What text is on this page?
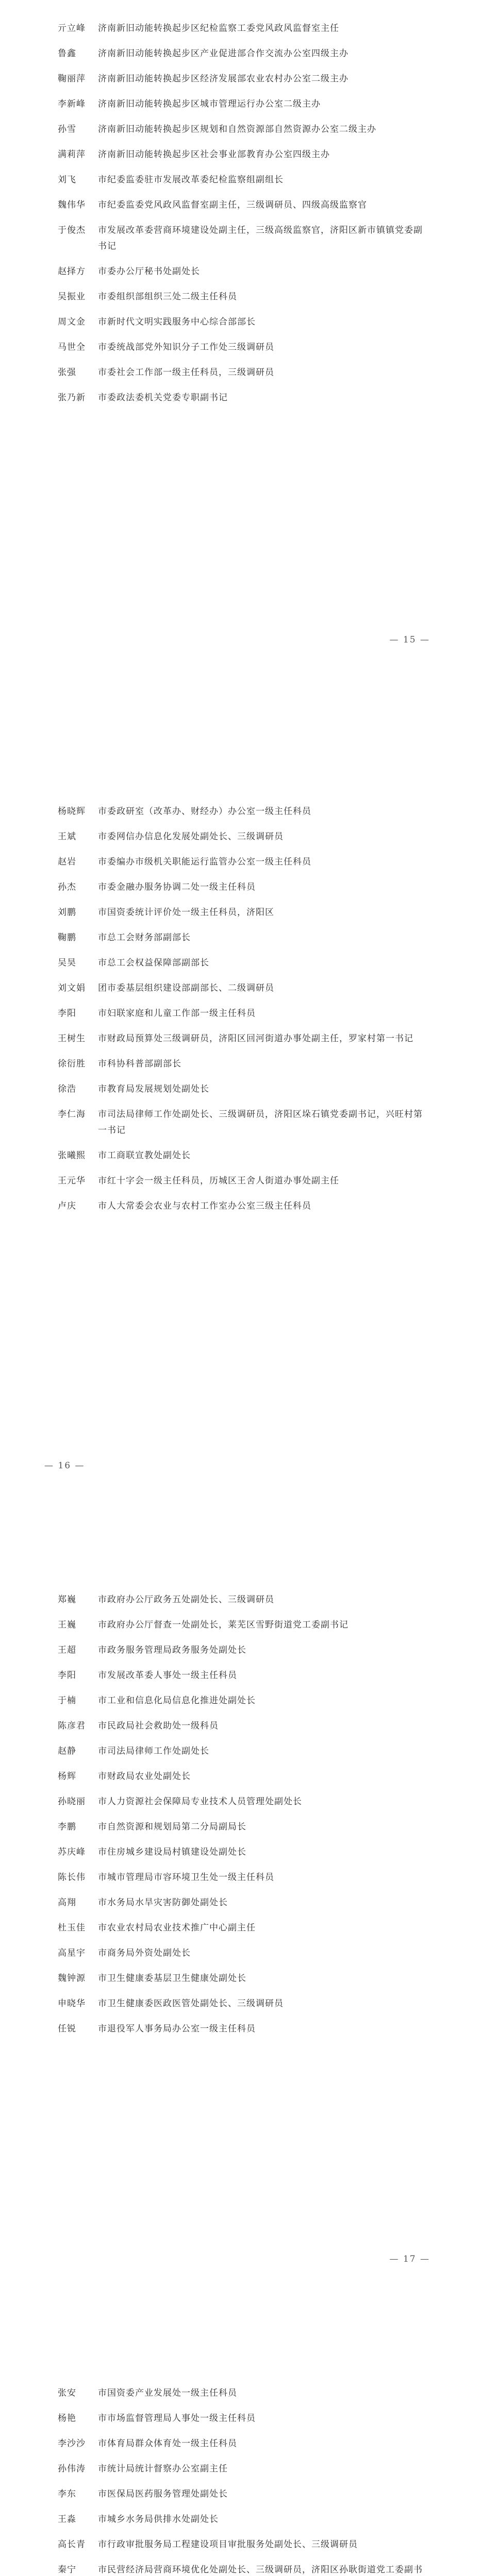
亓立峰	济南新旧动能转换起步区纪检监察工委党风政风监督室主任
鲁鑫	济南新旧动能转换起步区产业促进部合作交流办公室四级主办
鞠丽萍	济南新旧动能转换起步区经济发展部农业农村办公室二级主办
李新峰	济南新旧动能转换起步区城市管理运行办公室二级主办
孙雪	济南新旧动能转换起步区规划和自然资源部自然资源办公室二级主办
满莉萍	济南新旧动能转换起步区社会事业部教育办公室四级主办
刘飞	市纪委监委驻市发展改革委纪检监察组副组长
魏伟华	市纪委监委党风政风监督室副主任，三级调研员、四级高级监察官
于俊杰	市发展改革委营商环境建设处副主任，三级高级监察官，济阳区新市镇镇党委副书记
赵择方	市委办公厅秘书处副处长
吴振业	市委组织部组织三处二级主任科员
周文金	市新时代文明实践服务中心综合部部长
马世全	市委统战部党外知识分子工作处三级调研员
张强	市委社会工作部一级主任科员，三级调研员
张乃新	市委政法委机关党委专职副书记
— 15 —
杨晓辉	市委政研室（改革办、财经办）办公室一级主任科员
王斌	市委网信办信息化发展处副处长、三级调研员
赵岩	市委编办市级机关职能运行监管办公室一级主任科员
孙杰	市委金融办服务协调二处一级主任科员
刘鹏	市国资委统计评价处一级主任科员，济阳区
鞠鹏	市总工会财务部副部长
吴昊	市总工会权益保障部副部长
刘文娟	团市委基层组织建设部副部长、二级调研员
李阳	市妇联家庭和儿童工作部一级主任科员
王树生	市财政局预算处三级调研员，济阳区回河街道办事处副主任，罗家村第一书记
徐衍胜	市科协科普部副部长
徐浩	市教育局发展规划处副处长
李仁海	市司法局律师工作处副处长、三级调研员，济阳区垛石镇党委副书记，兴旺村第一书记
张曦熙	市工商联宣教处副处长
王元华	市红十字会一级主任科员，历城区王舍人街道办事处副主任
卢庆	市人大常委会农业与农村工作室办公室三级主任科员
— 16 —
郑巍	市政府办公厅政务五处副处长、三级调研员
王巍	市政府办公厅督查一处副处长，莱芜区雪野街道党工委副书记
王超	市政务服务管理局政务服务处副处长
李阳	市发展改革委人事处一级主任科员
于楠	市工业和信息化局信息化推进处副处长
陈彦君	市民政局社会救助处一级科员
赵静	市司法局律师工作处副处长
杨辉	市财政局农业处副处长
孙晓丽	市人力资源社会保障局专业技术人员管理处副处长
李鹏	市自然资源和规划局第二分局副局长
苏庆峰	市住房城乡建设局村镇建设处副处长
陈长伟	市城市管理局市容环境卫生处一级主任科员
高翔	市水务局水旱灾害防御处副处长
杜玉佳	市农业农村局农业技术推广中心副主任
高星宇	市商务局外资处副处长
魏钟源	市卫生健康委基层卫生健康处副处长
申晓华	市卫生健康委医政医管处副处长、三级调研员
任锐	市退役军人事务局办公室一级主任科员
— 17 —
张安	市国资委产业发展处一级主任科员
杨艳	市市场监督管理局人事处一级主任科员
李沙沙	市体育局群众体育处一级主任科员
孙伟涛	市统计局统计督察办公室副主任
李东	市医保局医药服务管理处副处长
王淼	市城乡水务局供排水处副处长
高长青	市行政审批服务局工程建设项目审批服务处副处长、三级调研员
秦宁	市民营经济局营商环境优化处副处长、三级调研员，济阳区孙耿街道党工委副书
